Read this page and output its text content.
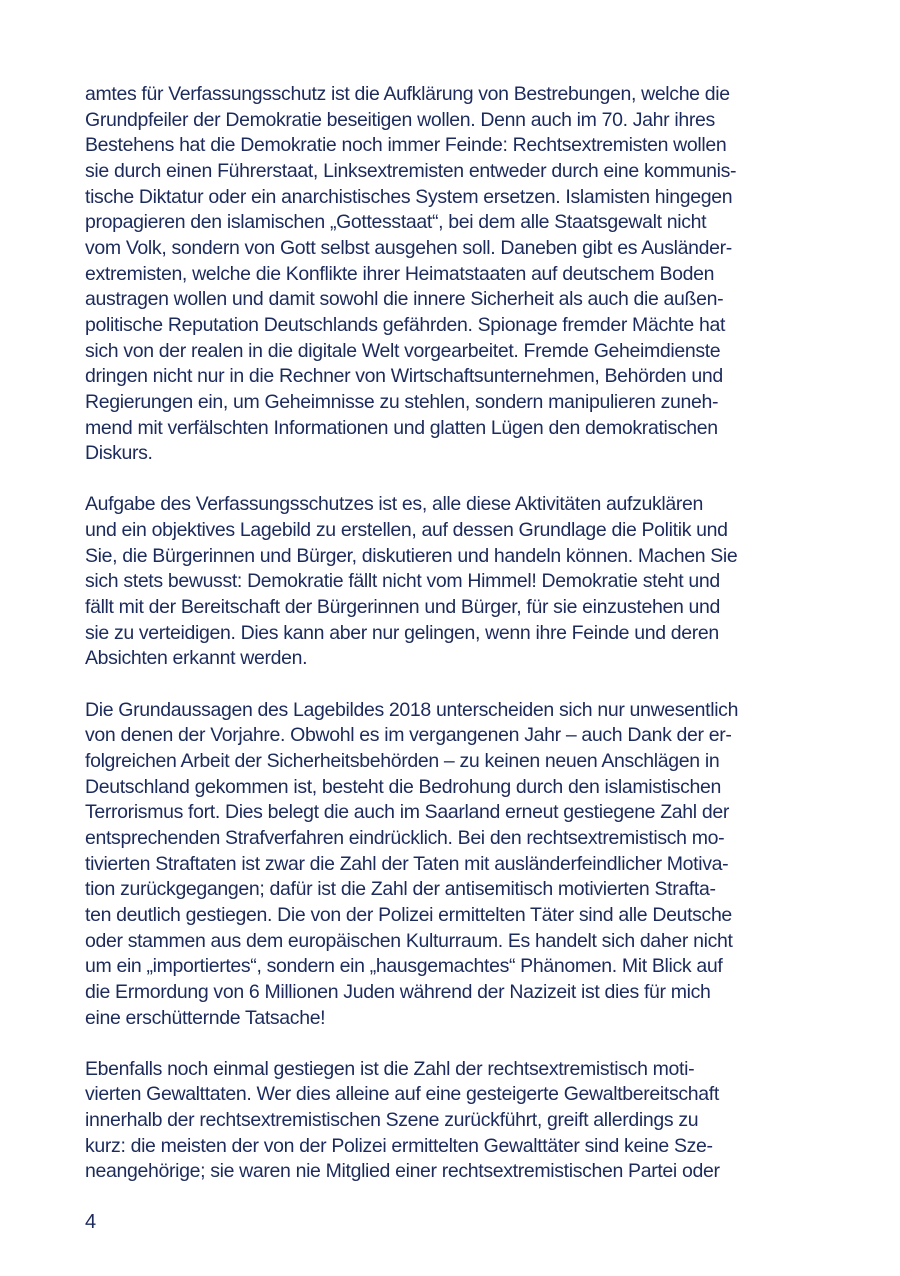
amtes für Verfassungsschutz ist die Aufklärung von Bestrebungen, welche die
Grundpfeiler der Demokratie beseitigen wollen. Denn auch im 70. Jahr ihres
Bestehens hat die Demokratie noch immer Feinde: Rechtsextremisten wollen
sie durch einen Führerstaat, Linksextremisten entweder durch eine kommunis-
tische Diktatur oder ein anarchistisches System ersetzen. Islamisten hingegen
propagieren den islamischen „Gottesstaat“, bei dem alle Staatsgewalt nicht
vom Volk, sondern von Gott selbst ausgehen soll. Daneben gibt es Ausländer-
extremisten, welche die Konflikte ihrer Heimatstaaten auf deutschem Boden
austragen wollen und damit sowohl die innere Sicherheit als auch die außen-
politische Reputation Deutschlands gefährden. Spionage fremder Mächte hat
sich von der realen in die digitale Welt vorgearbeitet. Fremde Geheimdienste
dringen nicht nur in die Rechner von Wirtschaftsunternehmen, Behörden und
Regierungen ein, um Geheimnisse zu stehlen, sondern manipulieren zuneh-
mend mit verfälschten Informationen und glatten Lügen den demokratischen
Diskurs.

Aufgabe des Verfassungsschutzes ist es, alle diese Aktivitäten aufzuklären
und ein objektives Lagebild zu erstellen, auf dessen Grundlage die Politik und
Sie, die Bürgerinnen und Bürger, diskutieren und handeln können. Machen Sie
sich stets bewusst: Demokratie fällt nicht vom Himmel! Demokratie steht und
fällt mit der Bereitschaft der Bürgerinnen und Bürger, für sie einzustehen und
sie zu verteidigen. Dies kann aber nur gelingen, wenn ihre Feinde und deren
Absichten erkannt werden.

Die Grundaussagen des Lagebildes 2018 unterscheiden sich nur unwesentlich
von denen der Vorjahre. Obwohl es im vergangenen Jahr – auch Dank der er-
folgreichen Arbeit der Sicherheitsbehörden – zu keinen neuen Anschlägen in
Deutschland gekommen ist, besteht die Bedrohung durch den islamistischen
Terrorismus fort. Dies belegt die auch im Saarland erneut gestiegene Zahl der
entsprechenden Strafverfahren eindrücklich. Bei den rechtsextremistisch mo-
tivierten Straftaten ist zwar die Zahl der Taten mit ausländerfeindlicher Motiva-
tion zurückgegangen; dafür ist die Zahl der antisemitisch motivierten Strafta-
ten deutlich gestiegen. Die von der Polizei ermittelten Täter sind alle Deutsche
oder stammen aus dem europäischen Kulturraum. Es handelt sich daher nicht
um ein „importiertes“, sondern ein „hausgemachtes“ Phänomen. Mit Blick auf
die Ermordung von 6 Millionen Juden während der Nazizeit ist dies für mich
eine erschütternde Tatsache!

Ebenfalls noch einmal gestiegen ist die Zahl der rechtsextremistisch moti-
vierten Gewalttaten. Wer dies alleine auf eine gesteigerte Gewaltbereitschaft
innerhalb der rechtsextremistischen Szene zurückführt, greift allerdings zu
kurz: die meisten der von der Polizei ermittelten Gewalttäter sind keine Sze-
neangehörige; sie waren nie Mitglied einer rechtsextremistischen Partei oder

4
